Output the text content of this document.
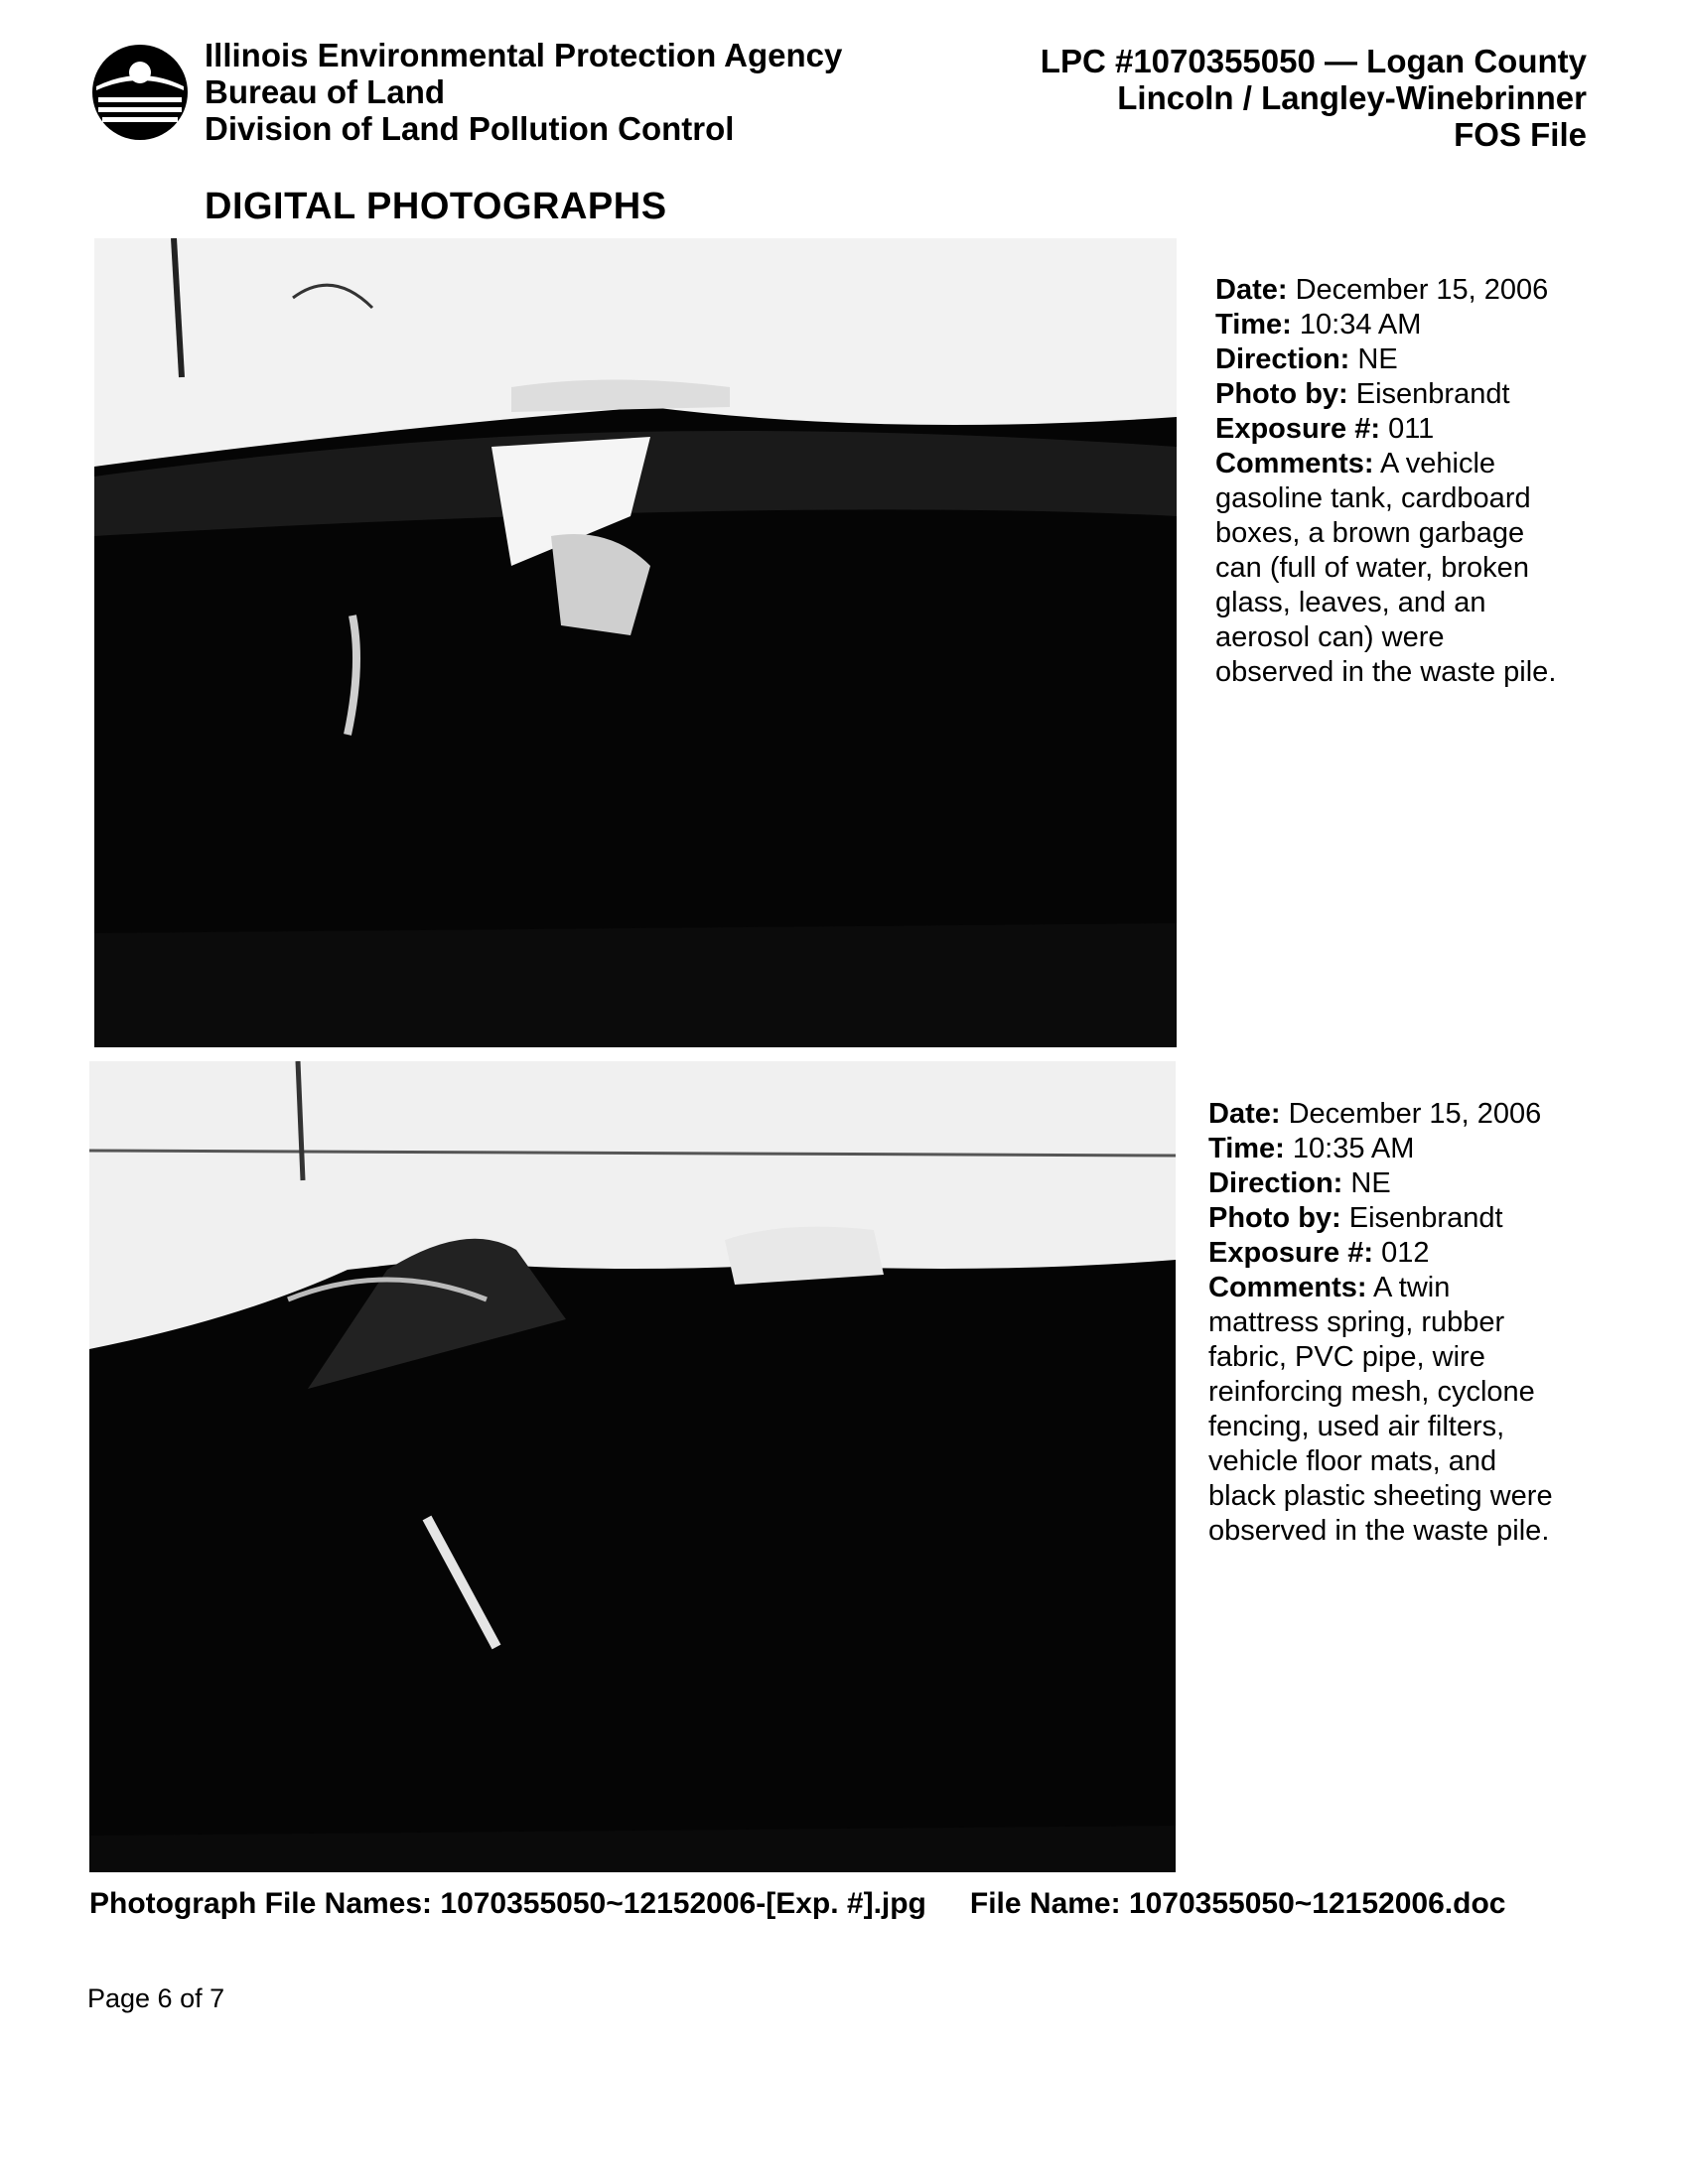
Illinois Environmental Protection Agency
Bureau of Land
Division of Land Pollution Control
LPC #1070355050 — Logan County
Lincoln / Langley-Winebrinner
FOS File
DIGITAL PHOTOGRAPHS
Date: December 15, 2006
Time: 10:34 AM
Direction: NE
Photo by: Eisenbrandt
Exposure #: 011
Comments: A vehicle gasoline tank, cardboard boxes, a brown garbage can (full of water, broken glass, leaves, and an aerosol can) were observed in the waste pile.
Date: December 15, 2006
Time: 10:35 AM
Direction: NE
Photo by: Eisenbrandt
Exposure #: 012
Comments: A twin mattress spring, rubber fabric, PVC pipe, wire reinforcing mesh, cyclone fencing, used air filters, vehicle floor mats, and black plastic sheeting were observed in the waste pile.
Photograph File Names: 1070355050~12152006-[Exp. #].jpg File Name: 1070355050~12152006.doc
Page 6 of 7
